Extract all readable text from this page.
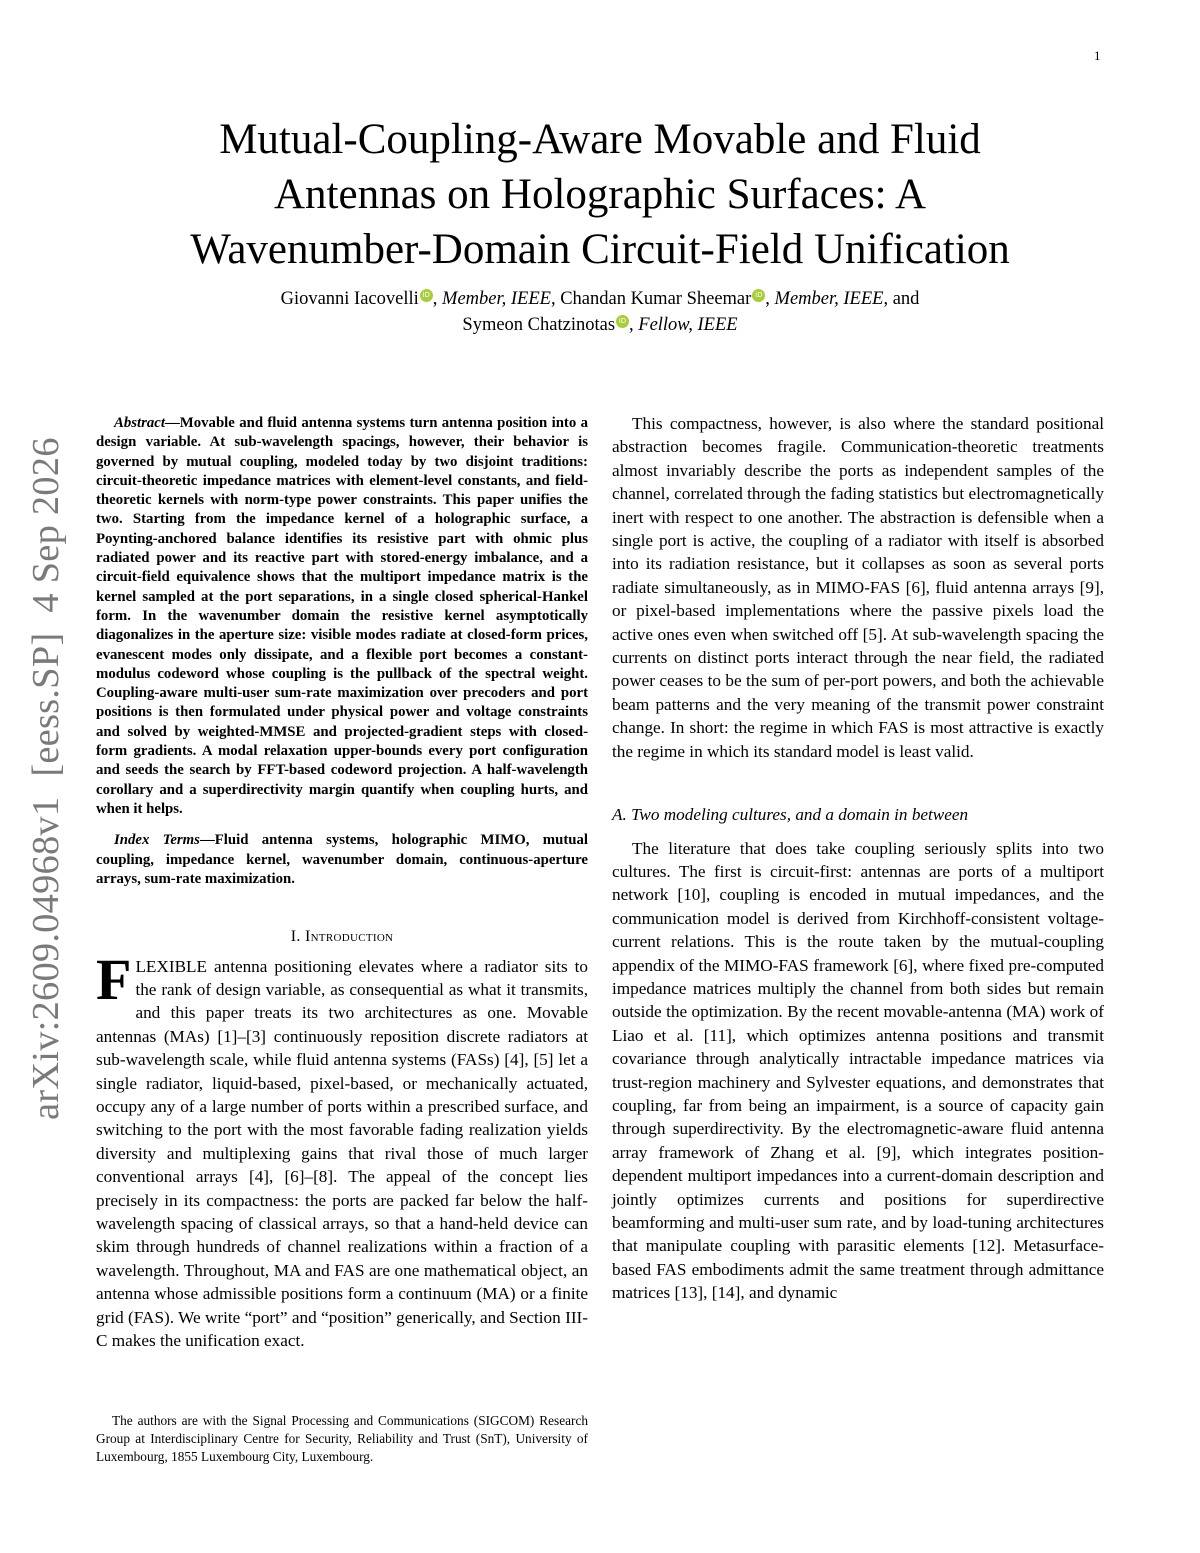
1
arXiv:2609.04968v1
[eess.SP]
4 Sep 2026
Mutual-Coupling-Aware Movable and Fluid
Antennas on Holographic Surfaces: A
Wavenumber-Domain Circuit-Field Unification
Giovanni Iacovelli iD , Member, IEEE, Chandan Kumar Sheemar iD , Member, IEEE, and
Symeon Chatzinotas iD , Fellow, IEEE

Abstract—Movable and fluid antenna systems turn antenna position into a design variable. At sub-wavelength spacings, however, their behavior is governed by mutual coupling, modeled today by two disjoint traditions: circuit-theoretic impedance matrices with element-level constants, and field-theoretic kernels with norm-type power constraints. This paper unifies the two. Starting from the impedance kernel of a holographic surface, a Poynting-anchored balance identifies its resistive part with ohmic plus radiated power and its reactive part with stored-energy imbalance, and a circuit-field equivalence shows that the multiport impedance matrix is the kernel sampled at the port separations, in a single closed spherical-Hankel form. In the wavenumber domain the resistive kernel asymptotically diagonalizes in the aperture size: visible modes radiate at closed-form prices, evanescent modes only dissipate, and a flexible port becomes a constant-modulus codeword whose coupling is the pullback of the spectral weight. Coupling-aware multi-user sum-rate maximization over precoders and port positions is then formulated under physical power and voltage constraints and solved by weighted-MMSE and projected-gradient steps with closed-form gradients. A modal relaxation upper-bounds every port configuration and seeds the search by FFT-based codeword projection. A half-wavelength corollary and a superdirectivity margin quantify when coupling hurts, and when it helps.

Index Terms—Fluid antenna systems, holographic MIMO, mutual coupling, impedance kernel, wavenumber domain, continuous-aperture arrays, sum-rate maximization.

I. Introduction

FLEXIBLE antenna positioning elevates where a radiator sits to the rank of design variable, as consequential as what it transmits, and this paper treats its two architectures as one. Movable antennas (MAs) [1]–[3] continuously reposition discrete radiators at sub-wavelength scale, while fluid antenna systems (FASs) [4], [5] let a single radiator, liquid-based, pixel-based, or mechanically actuated, occupy any of a large number of ports within a prescribed surface, and switching to the port with the most favorable fading realization yields diversity and multiplexing gains that rival those of much larger conventional arrays [4], [6]–[8]. The appeal of the concept lies precisely in its compactness: the ports are packed far below the half-wavelength spacing of classical arrays, so that a hand-held device can skim through hundreds of channel realizations within a fraction of a wavelength. Throughout, MA and FAS are one mathematical object, an antenna whose admissible positions form a continuum (MA) or a finite grid (FAS). We write “port” and “position” generically, and Section III-C makes the unification exact.

This compactness, however, is also where the standard positional abstraction becomes fragile. Communication-theoretic treatments almost invariably describe the ports as independent samples of the channel, correlated through the fading statistics but electromagnetically inert with respect to one another. The abstraction is defensible when a single port is active, the coupling of a radiator with itself is absorbed into its radiation resistance, but it collapses as soon as several ports radiate simultaneously, as in MIMO-FAS [6], fluid antenna arrays [9], or pixel-based implementations where the passive pixels load the active ones even when switched off [5]. At sub-wavelength spacing the currents on distinct ports interact through the near field, the radiated power ceases to be the sum of per-port powers, and both the achievable beam patterns and the very meaning of the transmit power constraint change. In short: the regime in which FAS is most attractive is exactly the regime in which its standard model is least valid.

A. Two modeling cultures, and a domain in between

The literature that does take coupling seriously splits into two cultures. The first is circuit-first: antennas are ports of a multiport network [10], coupling is encoded in mutual impedances, and the communication model is derived from Kirchhoff-consistent voltage-current relations. This is the route taken by the mutual-coupling appendix of the MIMO-FAS framework [6], where fixed pre-computed impedance matrices multiply the channel from both sides but remain outside the optimization. By the recent movable-antenna (MA) work of Liao et al. [11], which optimizes antenna positions and transmit covariance through analytically intractable impedance matrices via trust-region machinery and Sylvester equations, and demonstrates that coupling, far from being an impairment, is a source of capacity gain through superdirectivity. By the electromagnetic-aware fluid antenna array framework of Zhang et al. [9], which integrates position-dependent multiport impedances into a current-domain description and jointly optimizes currents and positions for superdirective beamforming and multi-user sum rate, and by load-tuning architectures that manipulate coupling with parasitic elements [12]. Metasurface-based FAS embodiments admit the same treatment through admittance matrices [13], [14], and dynamic

The authors are with the Signal Processing and Communications (SIGCOM) Research Group at Interdisciplinary Centre for Security, Reliability and Trust (SnT), University of Luxembourg, 1855 Luxembourg City, Luxembourg.
